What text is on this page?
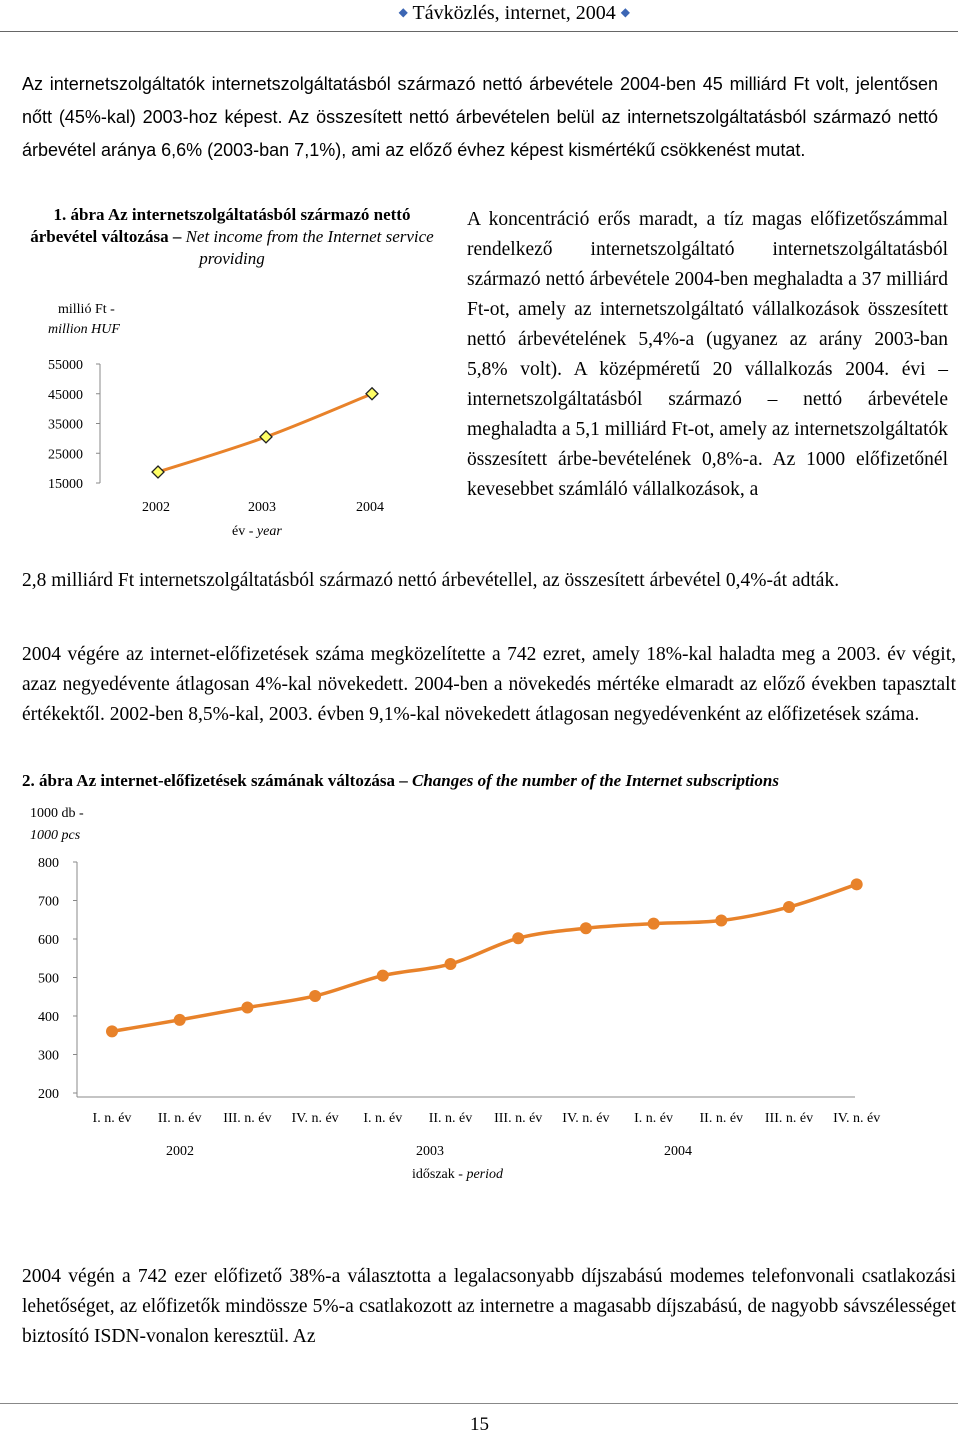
◆ Távközlés, internet, 2004 ◆
Az internetszolgáltatók internetszolgáltatásból származó nettó árbevétele 2004-ben 45 milliárd Ft volt, jelentősen nőtt (45%-kal) 2003-hoz képest. Az összesített nettó árbevételen belül az internetszolgáltatásból származó nettó árbevétel aránya 6,6% (2003-ban 7,1%), ami az előző évhez képest kismértékű csökkenést mutat.
1. ábra Az internetszolgáltatásból származó nettó árbevétel változása – Net income from the Internet service providing
millió Ft -
million HUF
15000
25000
35000
45000
55000
2002	2003	2004
200
300
400
500
600
700
800
I. n. év II. n. év III. n. év IV. n. év I. n. év II. n. év III. n. év IV. n. év I. n. év II. n. év III. n. év IV. n. év
év - year
A koncentráció erős maradt, a tíz magas előfizetőszámmal rendelkező internetszolgáltató internetszolgáltatásból származó nettó árbevétele 2004-ben meghaladta a 37 milliárd Ft-ot, amely az internetszolgáltató vállalkozások összesített nettó árbevételének 5,4%-a (ugyanez az arány 2003-ban 5,8% volt). A középméretű 20 vállalkozás 2004. évi – internetszolgáltatásból származó – nettó árbevétele meghaladta a 5,1 milliárd Ft-ot, amely az internetszolgáltatók összesített árbe-bevételének 0,8%-a. Az 1000 előfizetőnél kevesebbet számláló vállalkozások, a
2,8 milliárd Ft internetszolgáltatásból származó nettó árbevétellel, az összesített árbevétel 0,4%-át adták.
2004 végére az internet-előfizetések száma megközelítette a 742 ezret, amely 18%-kal haladta meg a 2003. év végit, azaz negyedévente átlagosan 4%-kal növekedett. 2004-ben a növekedés mértéke elmaradt az előző években tapasztalt értékektől. 2002-ben 8,5%-kal, 2003. évben 9,1%-kal növekedett átlagosan negyedévenként az előfizetések száma.
2. ábra Az internet-előfizetések számának változása – Changes of the number of the Internet subscriptions
1000 db -
1000 pcs
2002	2003	2004
időszak - period
2004 végén a 742 ezer előfizető 38%-a választotta a legalacsonyabb díjszabású modemes telefonvonali csatlakozási lehetőséget, az előfizetők mindössze 5%-a csatlakozott az internetre a magasabb díjszabású, de nagyobb sávszélességet biztosító ISDN-vonalon keresztül. Az
15
